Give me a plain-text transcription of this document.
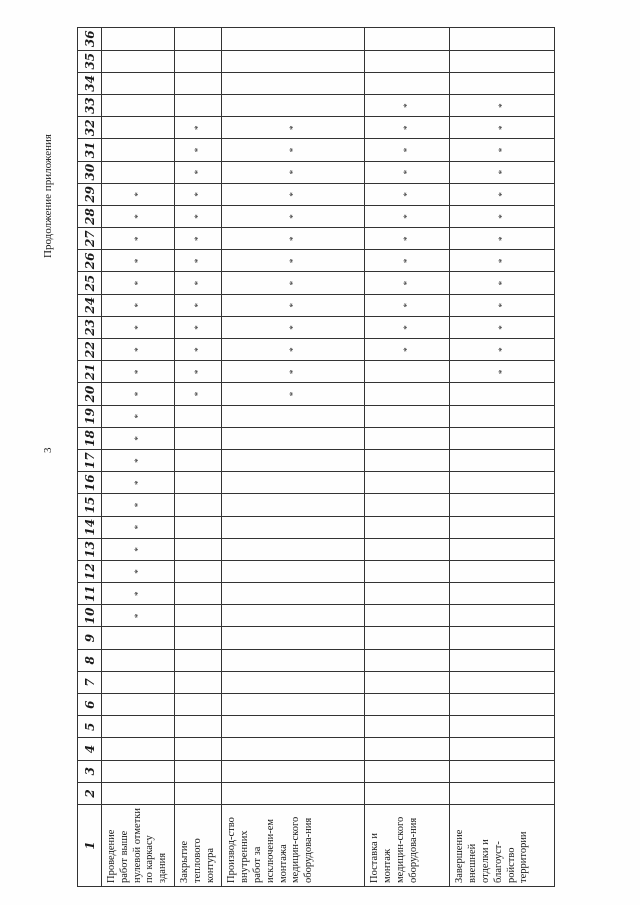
3
Продолжение приложения
1	2	3	4	5	6	7	8	9	10	11	12	13	14	15	16	17	18	19	20	21	22	23	24	25	26	27	28	29	30	31	32	33	34	35	36
Проведение работ выше нулевой отметки по каркасу здания									*	*	*	*	*	*	*	*	*	*	*	*	*	*	*	*	*	*	*	*							
Закрытие теплового контура																			*	*	*	*	*	*	*	*	*	*	*	*	*				
Производ-ство внутренних работ за исключени-ем монтажа медицин-ского оборудова-ния																			*	*	*	*	*	*	*	*	*	*	*	*	*				
Поставка и монтаж медицин-ского оборудова-ния																					*	*	*	*	*	*	*	*	*	*	*	*			
Завершение внешней отделки и благоуст-ройство территории																				*	*	*	*	*	*	*	*	*	*	*	*	*			
